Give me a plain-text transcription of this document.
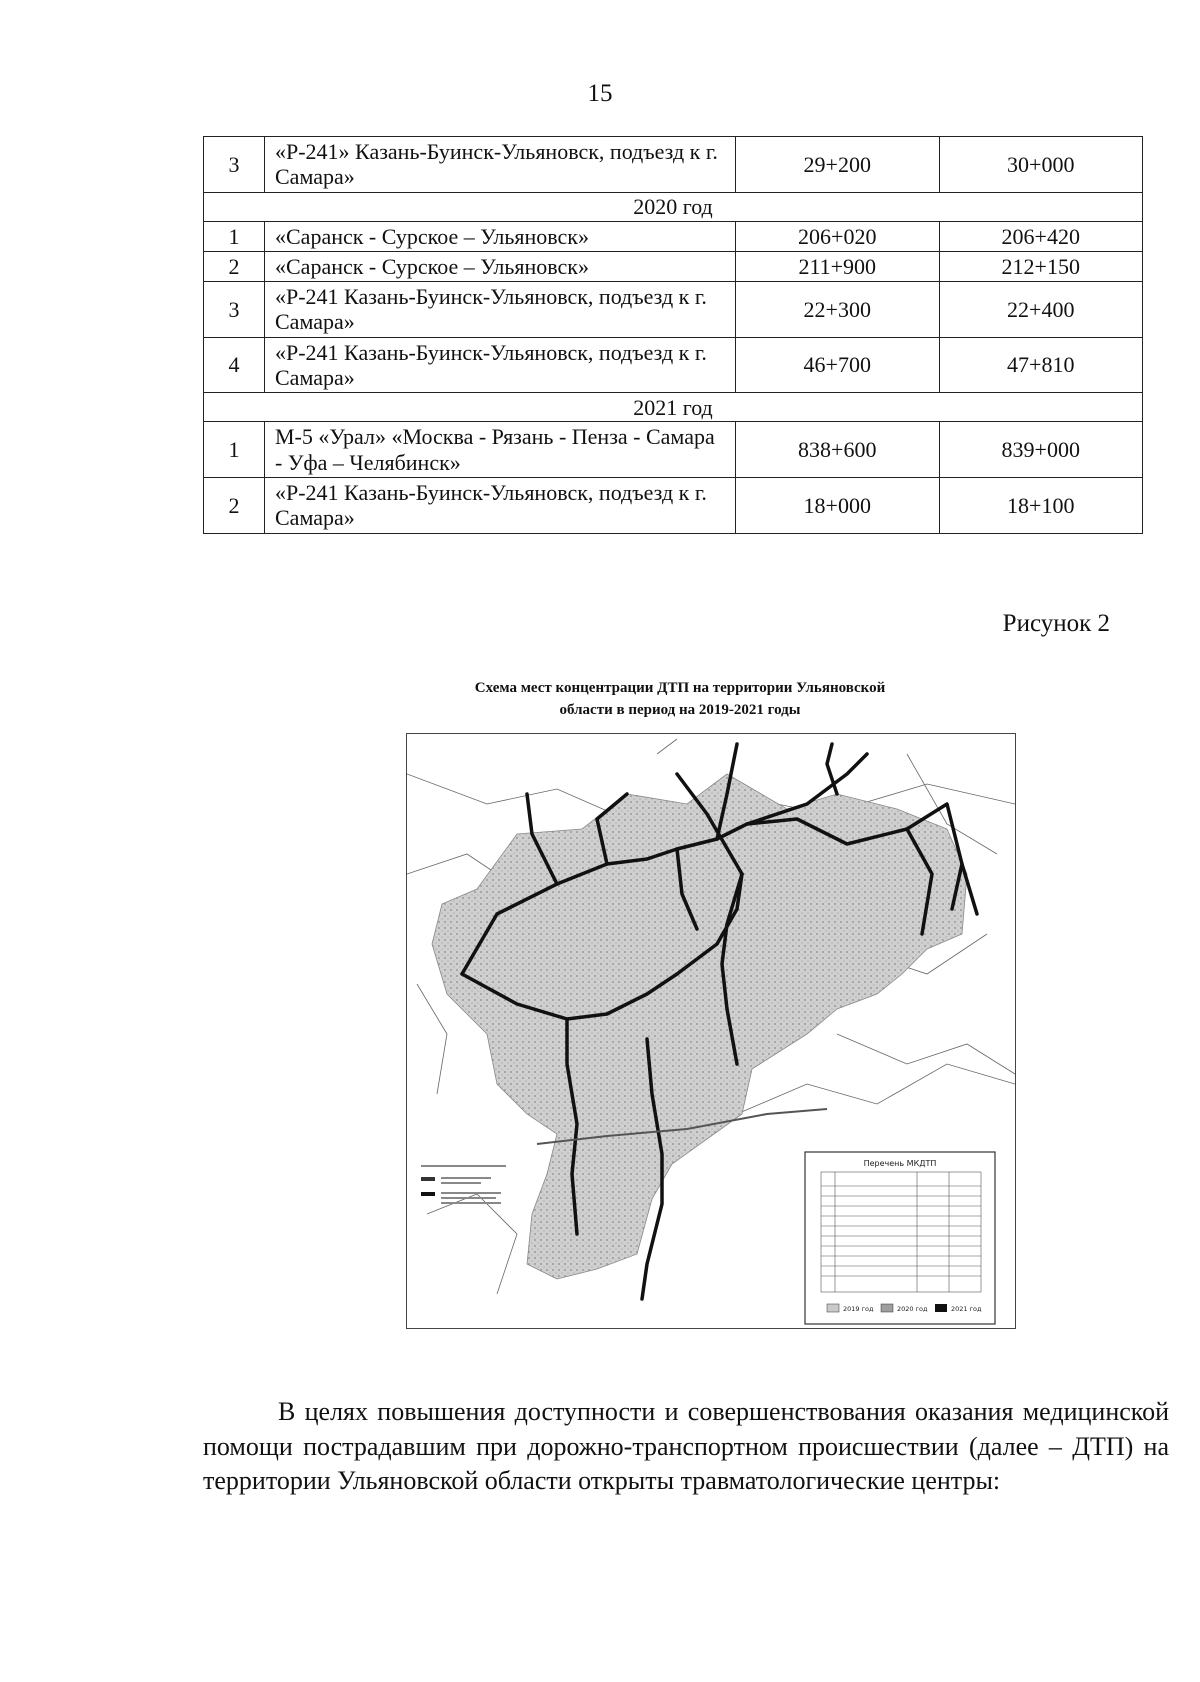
15
3	«Р-241» Казань-Буинск-Ульяновск, подъезд к г. Самара»	29+200	30+000
2020 год			
1	«Саранск - Сурское – Ульяновск»	206+020	206+420
2	«Саранск - Сурское – Ульяновск»	211+900	212+150
3	«Р-241 Казань-Буинск-Ульяновск, подъезд к г. Самара»	22+300	22+400
4	«Р-241 Казань-Буинск-Ульяновск, подъезд к г. Самара»	46+700	47+810
2021 год			
1	М-5 «Урал» «Москва - Рязань - Пенза - Самара - Уфа – Челябинск»	838+600	839+000
2	«Р-241 Казань-Буинск-Ульяновск, подъезд к г. Самара»	18+000	18+100
Рисунок 2
Схема мест концентрации ДТП на территории Ульяновской
области в период на 2019-2021 годы
Перечень МКДТП
2019 год	2020 год	2021 год
В целях повышения доступности и совершенствования оказания медицинской помощи пострадавшим при дорожно-транспортном происшествии (далее – ДТП) на территории Ульяновской области открыты травматологические центры:
